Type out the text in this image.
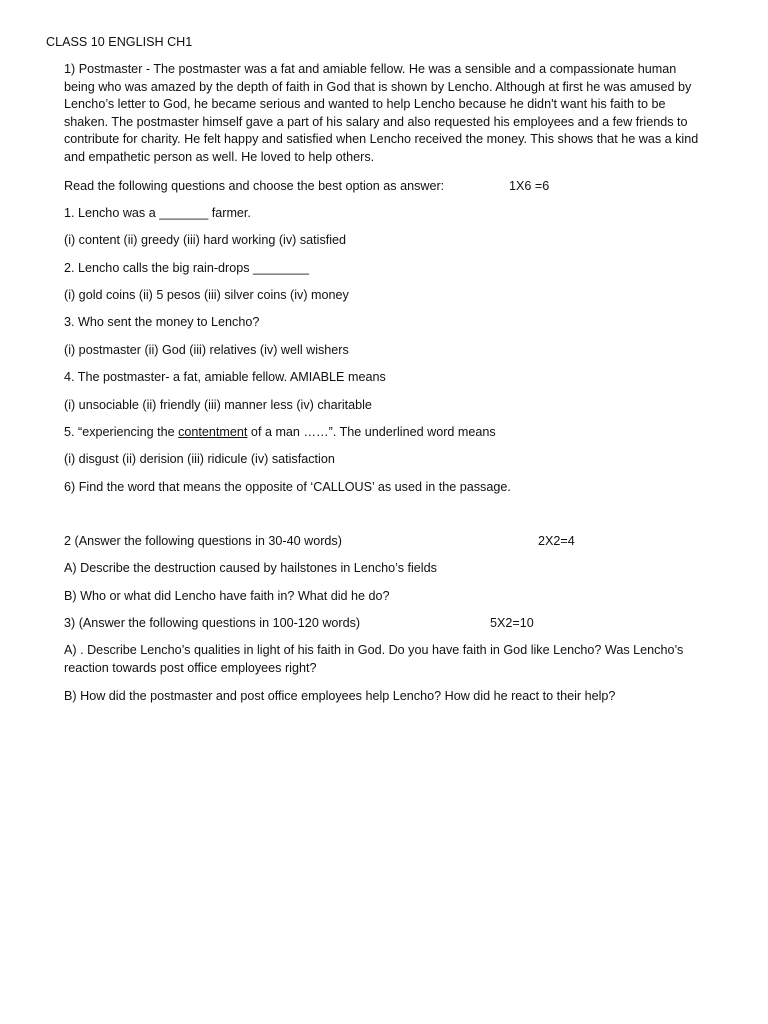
CLASS 10 ENGLISH CH1
1) Postmaster - The postmaster was a fat and amiable fellow. He was a sensible and a compassionate human being who was amazed by the depth of faith in God that is shown by Lencho. Although at first he was amused by Lencho’s letter to God, he became serious and wanted to help Lencho because he didn't want his faith to be shaken. The postmaster himself gave a part of his salary and also requested his employees and a few friends to contribute for charity. He felt happy and satisfied when Lencho received the money. This shows that he was a kind and empathetic person as well. He loved to help others.
Read the following questions and choose the best option as answer:	1X6 =6
1. Lencho was a _______ farmer.
(i) content (ii) greedy (iii) hard working (iv) satisfied
2. Lencho calls the big rain-drops ________
(i) gold coins (ii) 5 pesos (iii) silver coins (iv) money
3. Who sent the money to Lencho?
(i) postmaster (ii) God (iii) relatives (iv) well wishers
4. The postmaster- a fat, amiable fellow. AMIABLE means
(i) unsociable (ii) friendly (iii) manner less (iv) charitable
5. “experiencing the contentment of a man ……”. The underlined word means
(i) disgust (ii) derision (iii) ridicule (iv) satisfaction
6) Find the word that means the opposite of ‘CALLOUS’ as used in the passage.
2 (Answer the following questions in 30-40 words)	2X2=4
A) Describe the destruction caused by hailstones in Lencho’s fields
B) Who or what did Lencho have faith in? What did he do?
3) (Answer the following questions in 100-120 words)	5X2=10
A) . Describe Lencho’s qualities in light of his faith in God. Do you have faith in God like Lencho? Was Lencho’s reaction towards post office employees right?
B) How did the postmaster and post office employees help Lencho? How did he react to their help?
